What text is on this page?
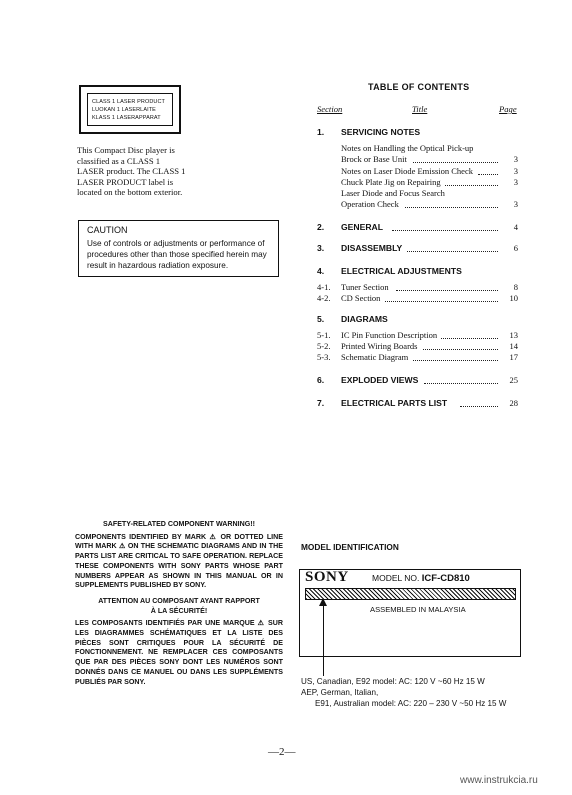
CLASS 1 LASER PRODUCT
LUOKAN 1 LASERLAITE
KLASS 1 LASERAPPARAT
This Compact Disc player is classified as a CLASS 1 LASER product. The CLASS 1 LASER PRODUCT label is located on the bottom exterior.
CAUTION
Use of controls or adjustments or performance of procedures other than those specified herein may result in hazardous radiation exposure.
TABLE OF CONTENTS
Section	Title	Page
1. SERVICING NOTES
Notes on Handling the Optical Pick-up
Brock or Base Unit	3
Notes on Laser Diode Emission Check	3
Chuck Plate Jig on Repairing	3
Laser Diode and Focus Search
Operation Check	3
2. GENERAL	4
3. DISASSEMBLY	6
4. ELECTRICAL ADJUSTMENTS
4-1. Tuner Section	8
4-2. CD Section	10
5. DIAGRAMS
5-1. IC Pin Function Description	13
5-2. Printed Wiring Boards	14
5-3. Schematic Diagram	17
6. EXPLODED VIEWS	25
7. ELECTRICAL PARTS LIST	28

SAFETY-RELATED COMPONENT WARNING!!

COMPONENTS IDENTIFIED BY MARK ⚠ OR DOTTED LINE WITH MARK ⚠ ON THE SCHEMATIC DIAGRAMS AND IN THE PARTS LIST ARE CRITICAL TO SAFE OPERATION. REPLACE THESE COMPONENTS WITH SONY PARTS WHOSE PART NUMBERS APPEAR AS SHOWN IN THIS MANUAL OR IN SUPPLEMENTS PUBLISHED BY SONY.

ATTENTION AU COMPOSANT AYANT RAPPORT

À LA SÉCURITÉ!

LES COMPOSANTS IDENTIFIÉS PAR UNE MARQUE ⚠ SUR LES DIAGRAMMES SCHÉMATIQUES ET LA LISTE DES PIÈCES SONT CRITIQUES POUR LA SÉCURITÉ DE FONCTIONNEMENT. NE REMPLACER CES COMPOSANTS QUE PAR DES PIÈCES SONY DONT LES NUMÉROS SONT DONNÉS DANS CE MANUEL OU DANS LES SUPPLÉMENTS PUBLIÉS PAR SONY.

MODEL IDENTIFICATION
SONY	MODEL NO. ICF-CD810
ASSEMBLED IN MALAYSIA
US, Canadian, E92 model: AC: 120 V ~60 Hz 15 W
AEP, German, Italian,
E91, Australian model: AC: 220 – 230 V ~50 Hz 15 W
—2—
www.instrukcia.ru
